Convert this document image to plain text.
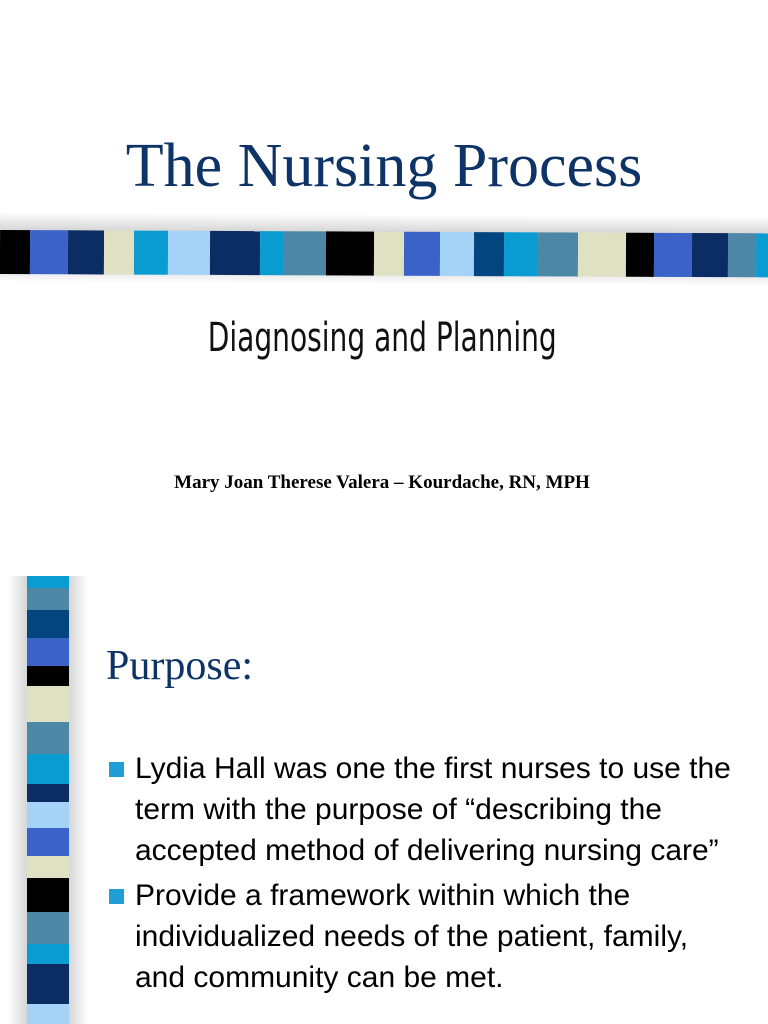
The Nursing Process
Diagnosing and Planning
Mary Joan Therese Valera – Kourdache, RN, MPH
Purpose:
Lydia Hall was one the first nurses to use the term with the purpose of “describing the accepted method of delivering nursing care”
Provide a framework within which the individualized needs of the patient, family, and community can be met.
